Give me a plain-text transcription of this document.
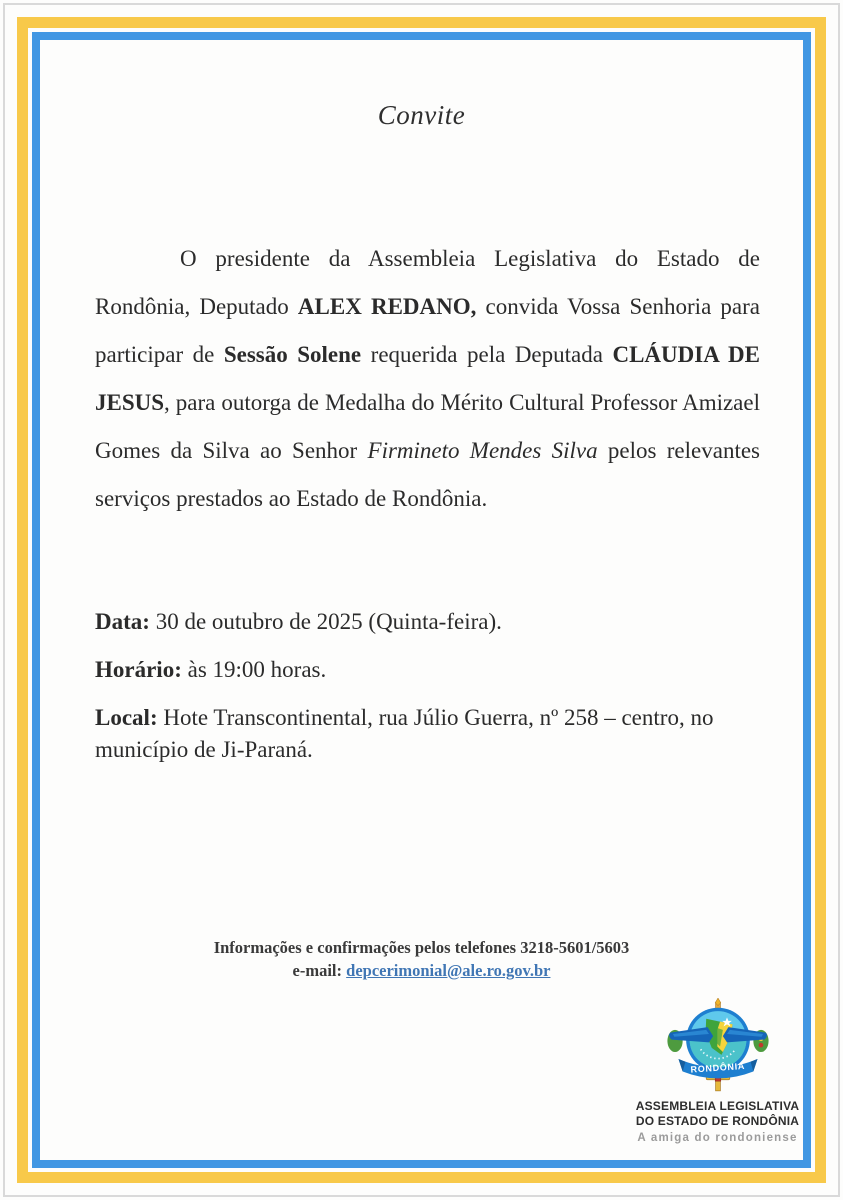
Convite

O presidente da Assembleia Legislativa do Estado de Rondônia, Deputado ALEX REDANO, convida Vossa Senhoria para participar de Sessão Solene requerida pela Deputada CLÁUDIA DE JESUS, para outorga de Medalha do Mérito Cultural Professor Amizael Gomes da Silva ao Senhor Firmineto Mendes Silva pelos relevantes serviços prestados ao Estado de Rondônia.

Data: 30 de outubro de 2025 (Quinta-feira).
Horário: às 19:00 horas.
Local: Hote Transcontinental, rua Júlio Guerra, nº 258 – centro, no município de Ji-Paraná.
Informações e confirmações pelos telefones 3218-5601/5603
e-mail: depcerimonial@ale.ro.gov.br
RONDÔNIA
ASSEMBLEIA LEGISLATIVA
DO ESTADO DE RONDÔNIA
A amiga do rondoniense
